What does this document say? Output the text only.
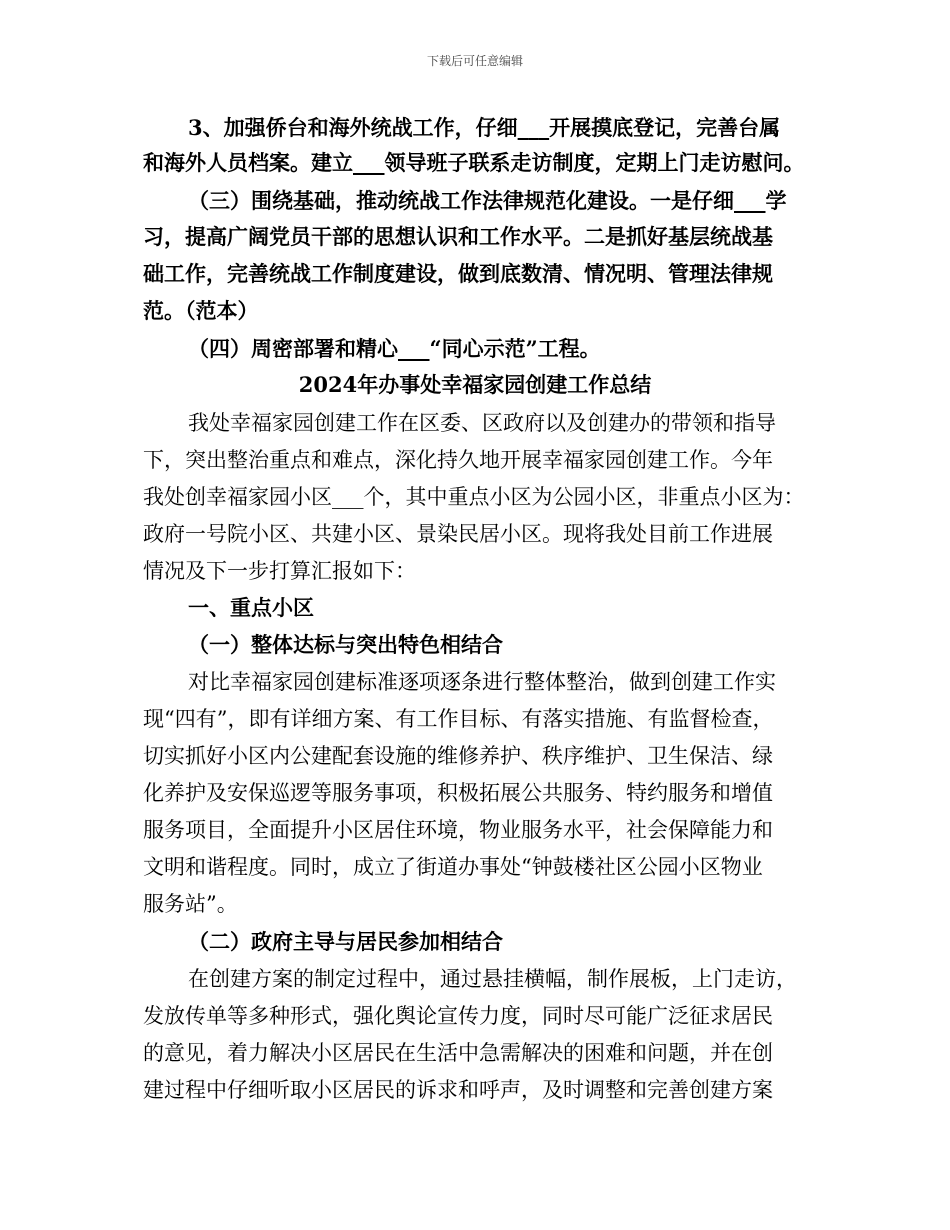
下载后可任意编辑
3、加强侨台和海外统战工作，仔细___开展摸底登记，完善台属
和海外人员档案。建立___领导班子联系走访制度，定期上门走访慰问。
（三）围绕基础，推动统战工作法律规范化建设。一是仔细___学
习，提高广阔党员干部的思想认识和工作水平。二是抓好基层统战基
础工作，完善统战工作制度建设，做到底数清、情况明、管理法律规
范。（范本）
（四）周密部署和精心___“同心示范”工程。
2024年办事处幸福家园创建工作总结
我处幸福家园创建工作在区委、区政府以及创建办的带领和指导
下，突出整治重点和难点，深化持久地开展幸福家园创建工作。今年
我处创幸福家园小区___个，其中重点小区为公园小区，非重点小区为：
政府一号院小区、共建小区、景染民居小区。现将我处目前工作进展
情况及下一步打算汇报如下：
一、重点小区
（一）整体达标与突出特色相结合
对比幸福家园创建标准逐项逐条进行整体整治，做到创建工作实
现“四有”，即有详细方案、有工作目标、有落实措施、有监督检查，
切实抓好小区内公建配套设施的维修养护、秩序维护、卫生保洁、绿
化养护及安保巡逻等服务事项，积极拓展公共服务、特约服务和增值
服务项目，全面提升小区居住环境，物业服务水平，社会保障能力和
文明和谐程度。同时，成立了街道办事处“钟鼓楼社区公园小区物业
服务站”。
（二）政府主导与居民参加相结合
在创建方案的制定过程中，通过悬挂横幅，制作展板，上门走访，
发放传单等多种形式，强化舆论宣传力度，同时尽可能广泛征求居民
的意见，着力解决小区居民在生活中急需解决的困难和问题，并在创
建过程中仔细听取小区居民的诉求和呼声，及时调整和完善创建方案
